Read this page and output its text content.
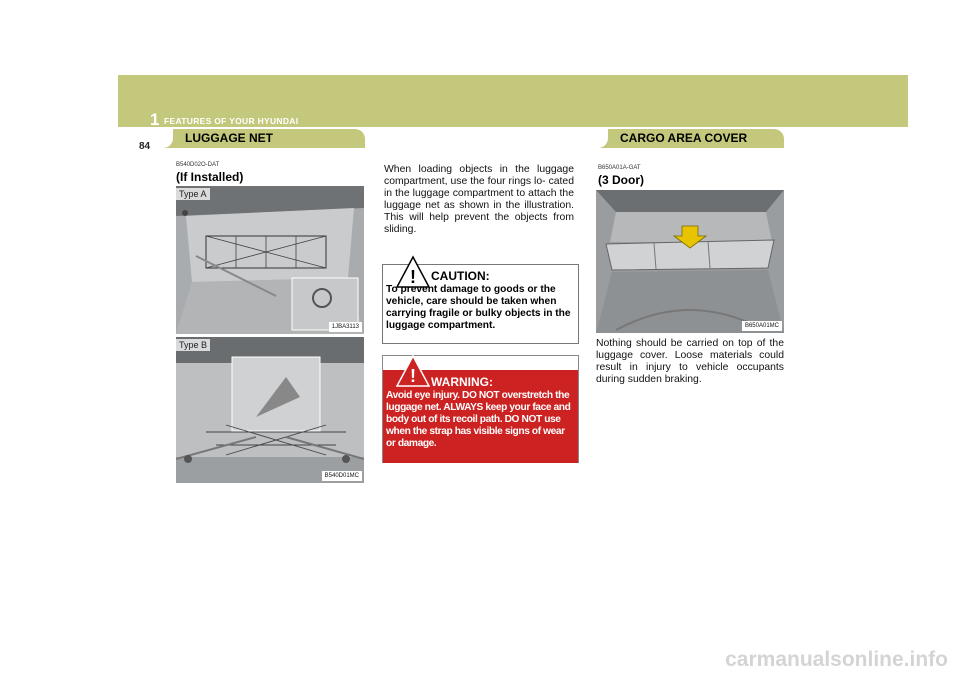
1 FEATURES OF YOUR HYUNDAI
84
LUGGAGE NET	CARGO AREA COVER
B540D02O-DAT
(If Installed)
Type A
1JBA3113
Type B
B540D01MC

When loading objects in the luggage compartment, use the four rings lo- cated in the luggage compartment to attach the luggage net as shown in the illustration. This will help prevent the objects from sliding.

! CAUTION:

To prevent damage to goods or the vehicle, care should be taken when carrying fragile or bulky objects in the luggage compartment.

! WARNING:

Avoid eye injury. DO NOT overstretch the luggage net. ALWAYS keep your face and body out of its recoil path. DO NOT use when the strap has visible signs of wear or damage.

B650A01A-GAT
(3 Door)
B650A01MC

Nothing should be carried on top of the luggage cover. Loose materials could result in injury to vehicle occupants during sudden braking.

carmanualsonline.info
